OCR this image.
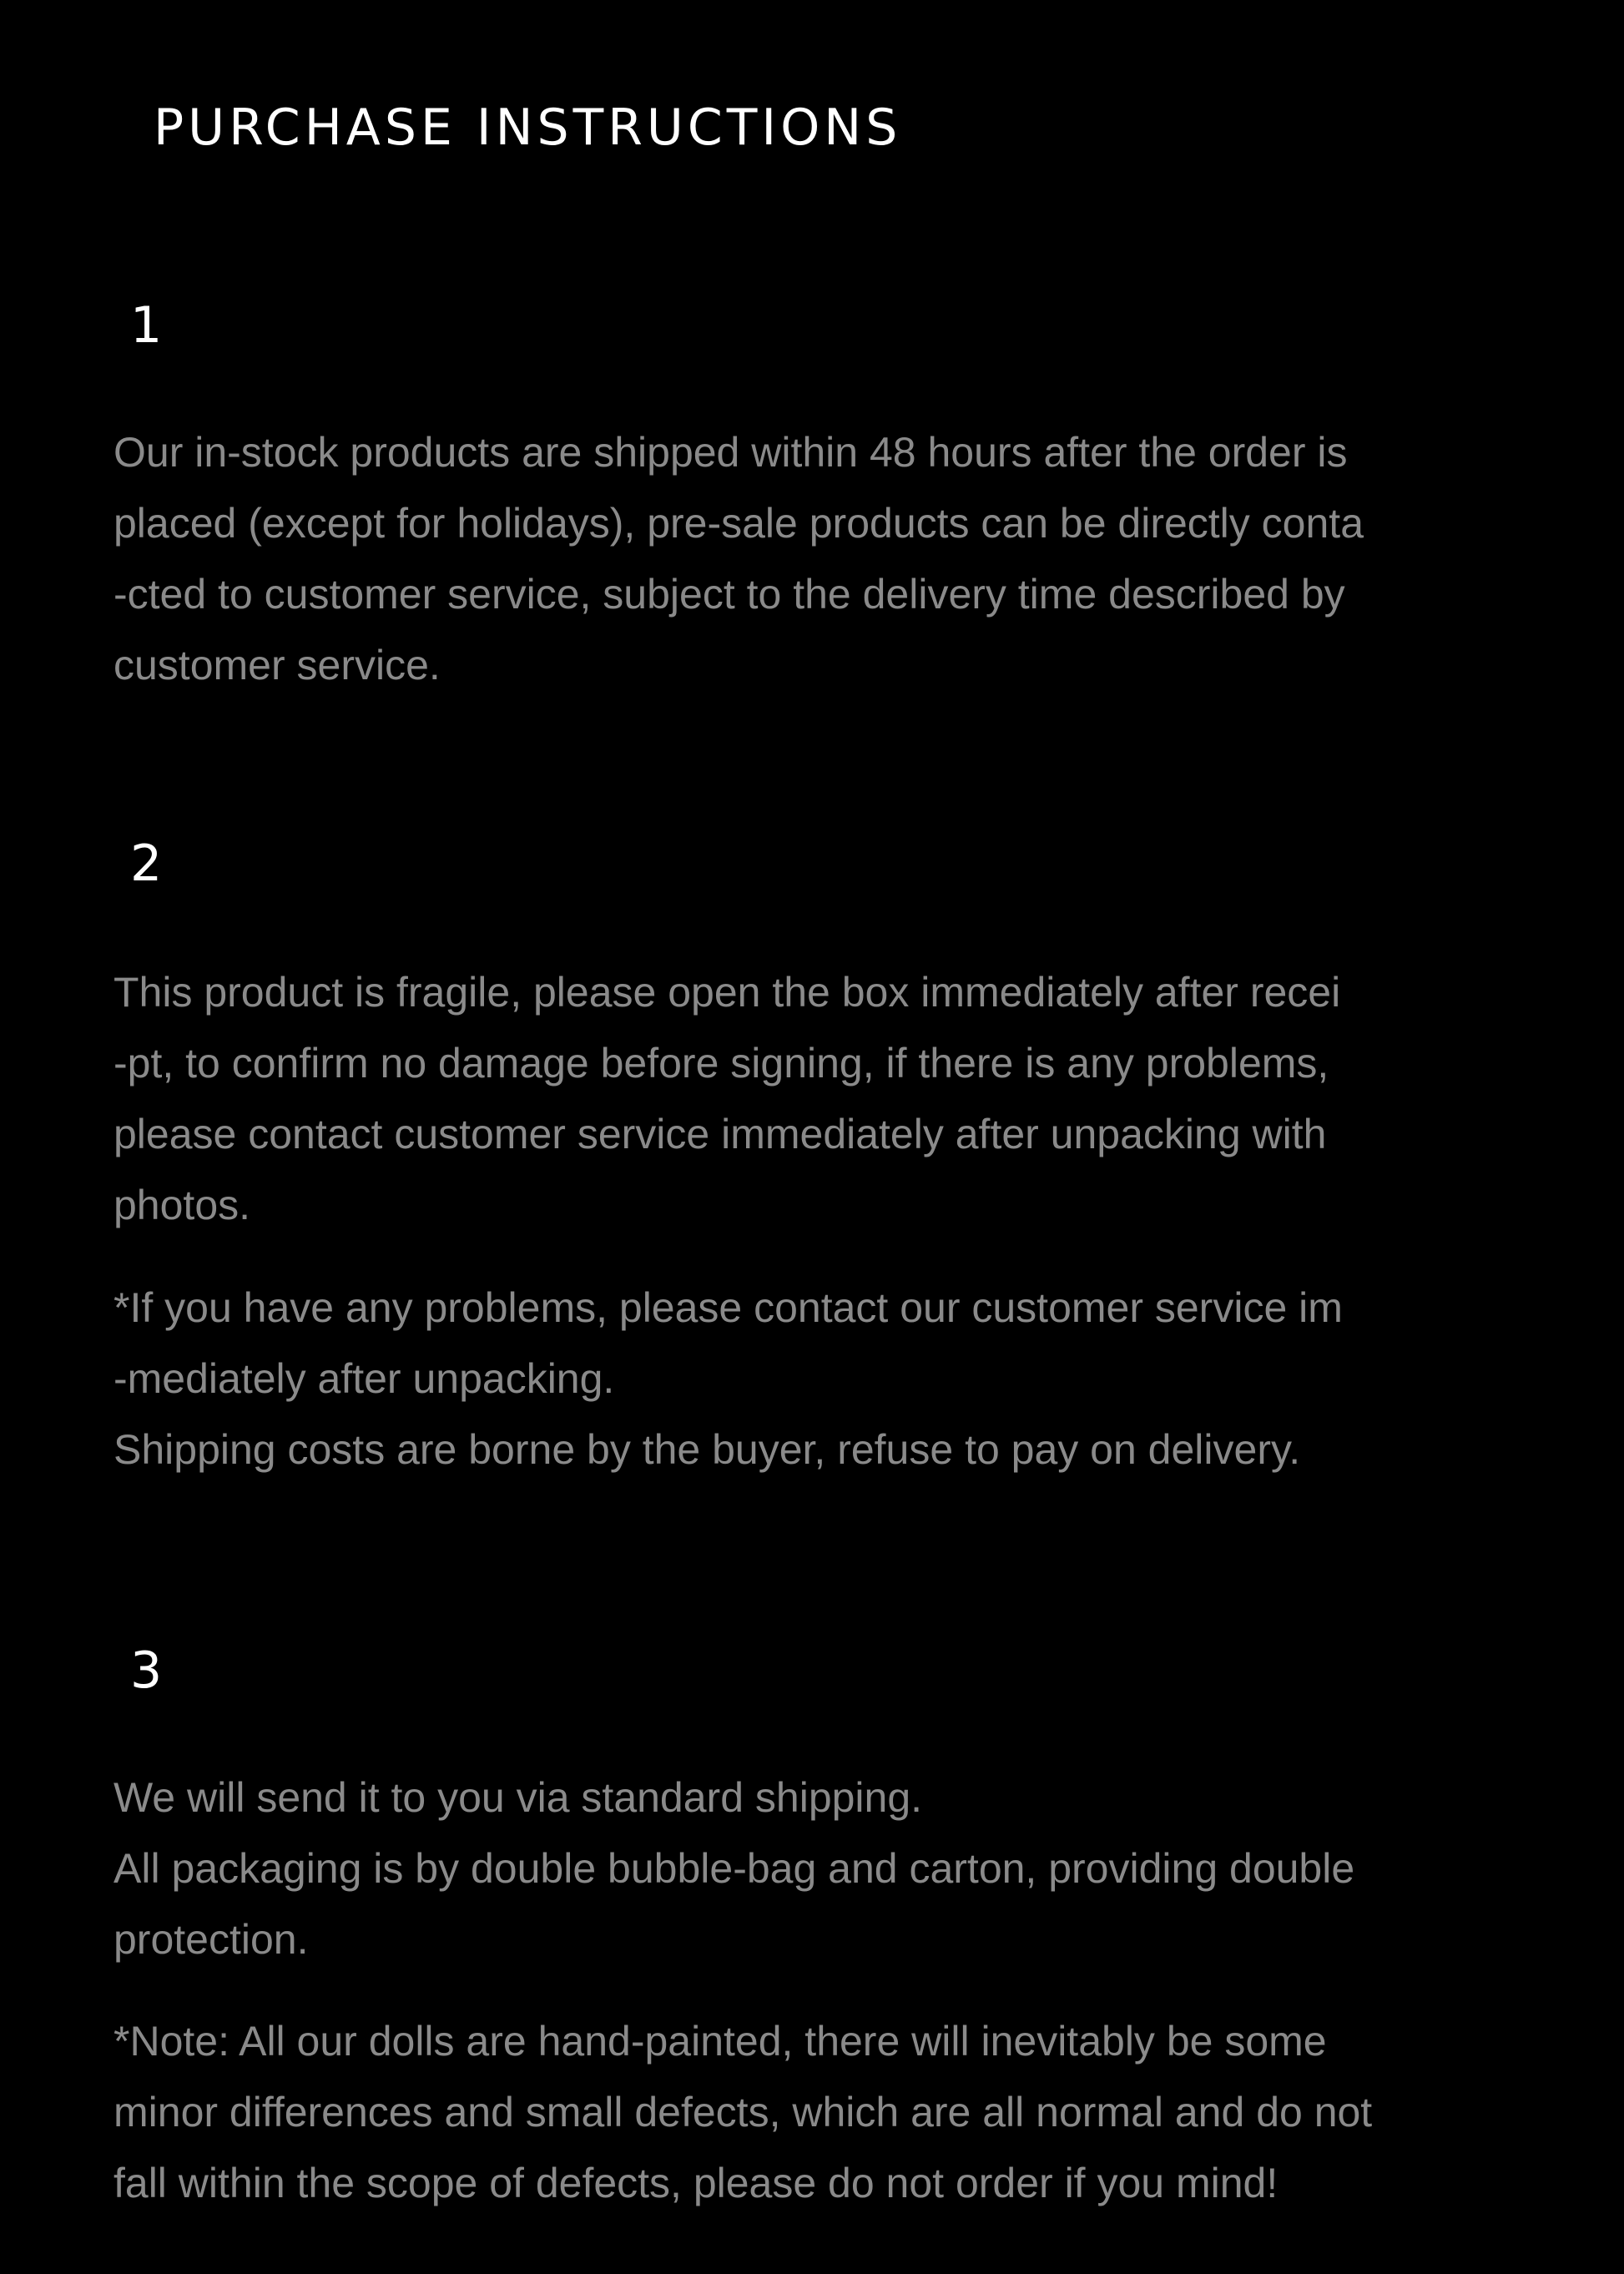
PURCHASE INSTRUCTIONS
1
Our in-stock products are shipped within 48 hours after the order is
placed (except for holidays), pre-sale products can be directly conta
-cted to customer service, subject to the delivery time described by
customer service.
2
This product is fragile, please open the box immediately after recei
-pt, to confirm no damage before signing, if there is any problems,
please contact customer service immediately after unpacking with
photos.
*If you have any problems, please contact our customer service im
-mediately after unpacking.
Shipping costs are borne by the buyer, refuse to pay on delivery.
3
We will send it to you via standard shipping.
All packaging is by double bubble-bag and carton, providing double
protection.
*Note: All our dolls are hand-painted, there will inevitably be some
minor differences and small defects, which are all normal and do not
fall within the scope of defects, please do not order if you mind!
